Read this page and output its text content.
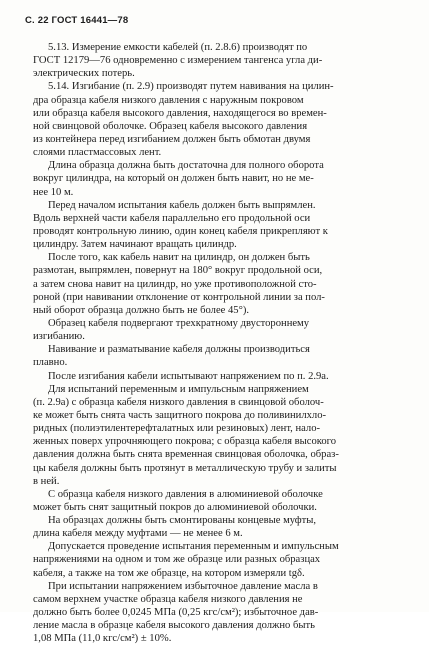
С. 22 ГОСТ 16441—78
5.13. Измерение емкости кабелей (п. 2.8.6) производят по
ГОСТ 12179—76 одновременно с измерением тангенса угла ди-
электрических потерь.
5.14. Изгибание (п. 2.9) производят путем навивания на цилин-
дра образца кабеля низкого давления с наружным покровом
или образца кабеля высокого давления, находящегося во времен-
ной свинцовой оболочке. Образец кабеля высокого давления
из контейнера перед изгибанием должен быть обмотан двумя
слоями пластмассовых лент.
Длина образца должна быть достаточна для полного оборота
вокруг цилиндра, на который он должен быть навит, но не ме-
нее 10 м.
Перед началом испытания кабель должен быть выпрямлен.
Вдоль верхней части кабеля параллельно его продольной оси
проводят контрольную линию, один конец кабеля прикрепляют к
цилиндру. Затем начинают вращать цилиндр.
После того, как кабель навит на цилиндр, он должен быть
размотан, выпрямлен, повернут на 180° вокруг продольной оси,
а затем снова навит на цилиндр, но уже противоположной сто-
роной (при навивании отклонение от контрольной линии за пол-
ный оборот образца должно быть не более 45°).
Образец кабеля подвергают трехкратному двустороннему
изгибанию.
Навивание и разматывание кабеля должны производиться
плавно.
После изгибания кабели испытывают напряжением по п. 2.9а.
Для испытаний переменным и импульсным напряжением
(п. 2.9а) с образца кабеля низкого давления в свинцовой оболоч-
ке может быть снята часть защитного покрова до поливинилхло-
ридных (полиэтилентерефталатных или резиновых) лент, нало-
женных поверх упрочняющего покрова; с образца кабеля высокого
давления должна быть снята временная свинцовая оболочка, образ-
цы кабеля должны быть протянут в металлическую трубу и залиты
в ней.
С образца кабеля низкого давления в алюминиевой оболочке
может быть снят защитный покров до алюминиевой оболочки.
На образцах должны быть смонтированы концевые муфты,
длина кабеля между муфтами — не менее 6 м.
Допускается проведение испытания переменным и импульсным
напряжениями на одном и том же образце или разных образцах
кабеля, а также на том же образце, на котором измеряли tgδ.
При испытании напряжением избыточное давление масла в
самом верхнем участке образца кабеля низкого давления не
должно быть более 0,0245 МПа (0,25 кгс/см²); избыточное дав-
ление масла в образце кабеля высокого давления должно быть
1,08 МПа (11,0 кгс/см²) ± 10%.
